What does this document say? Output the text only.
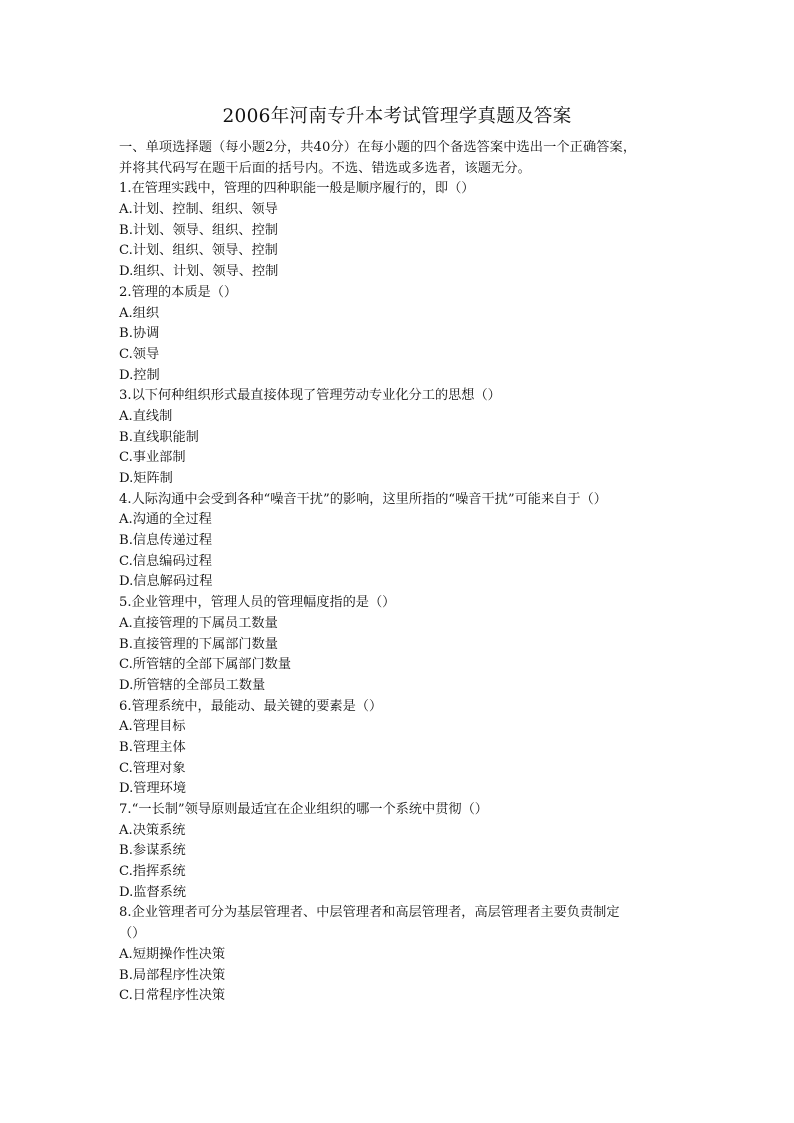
2006年河南专升本考试管理学真题及答案
一、单项选择题（每小题2分，共40分）在每小题的四个备选答案中选出一个正确答案，
并将其代码写在题干后面的括号内。不选、错选或多选者，该题无分。
1.在管理实践中，管理的四种职能一般是顺序履行的，即（）
A.计划、控制、组织、领导
B.计划、领导、组织、控制
C.计划、组织、领导、控制
D.组织、计划、领导、控制
2.管理的本质是（）
A.组织
B.协调
C.领导
D.控制
3.以下何种组织形式最直接体现了管理劳动专业化分工的思想（）
A.直线制
B.直线职能制
C.事业部制
D.矩阵制
4.人际沟通中会受到各种“噪音干扰”的影响，这里所指的“噪音干扰”可能来自于（）
A.沟通的全过程
B.信息传递过程
C.信息编码过程
D.信息解码过程
5.企业管理中，管理人员的管理幅度指的是（）
A.直接管理的下属员工数量
B.直接管理的下属部门数量
C.所管辖的全部下属部门数量
D.所管辖的全部员工数量
6.管理系统中，最能动、最关键的要素是（）
A.管理目标
B.管理主体
C.管理对象
D.管理环境
7.“一长制”领导原则最适宜在企业组织的哪一个系统中贯彻（）
A.决策系统
B.参谋系统
C.指挥系统
D.监督系统
8.企业管理者可分为基层管理者、中层管理者和高层管理者，高层管理者主要负责制定
（）
A.短期操作性决策
B.局部程序性决策
C.日常程序性决策
